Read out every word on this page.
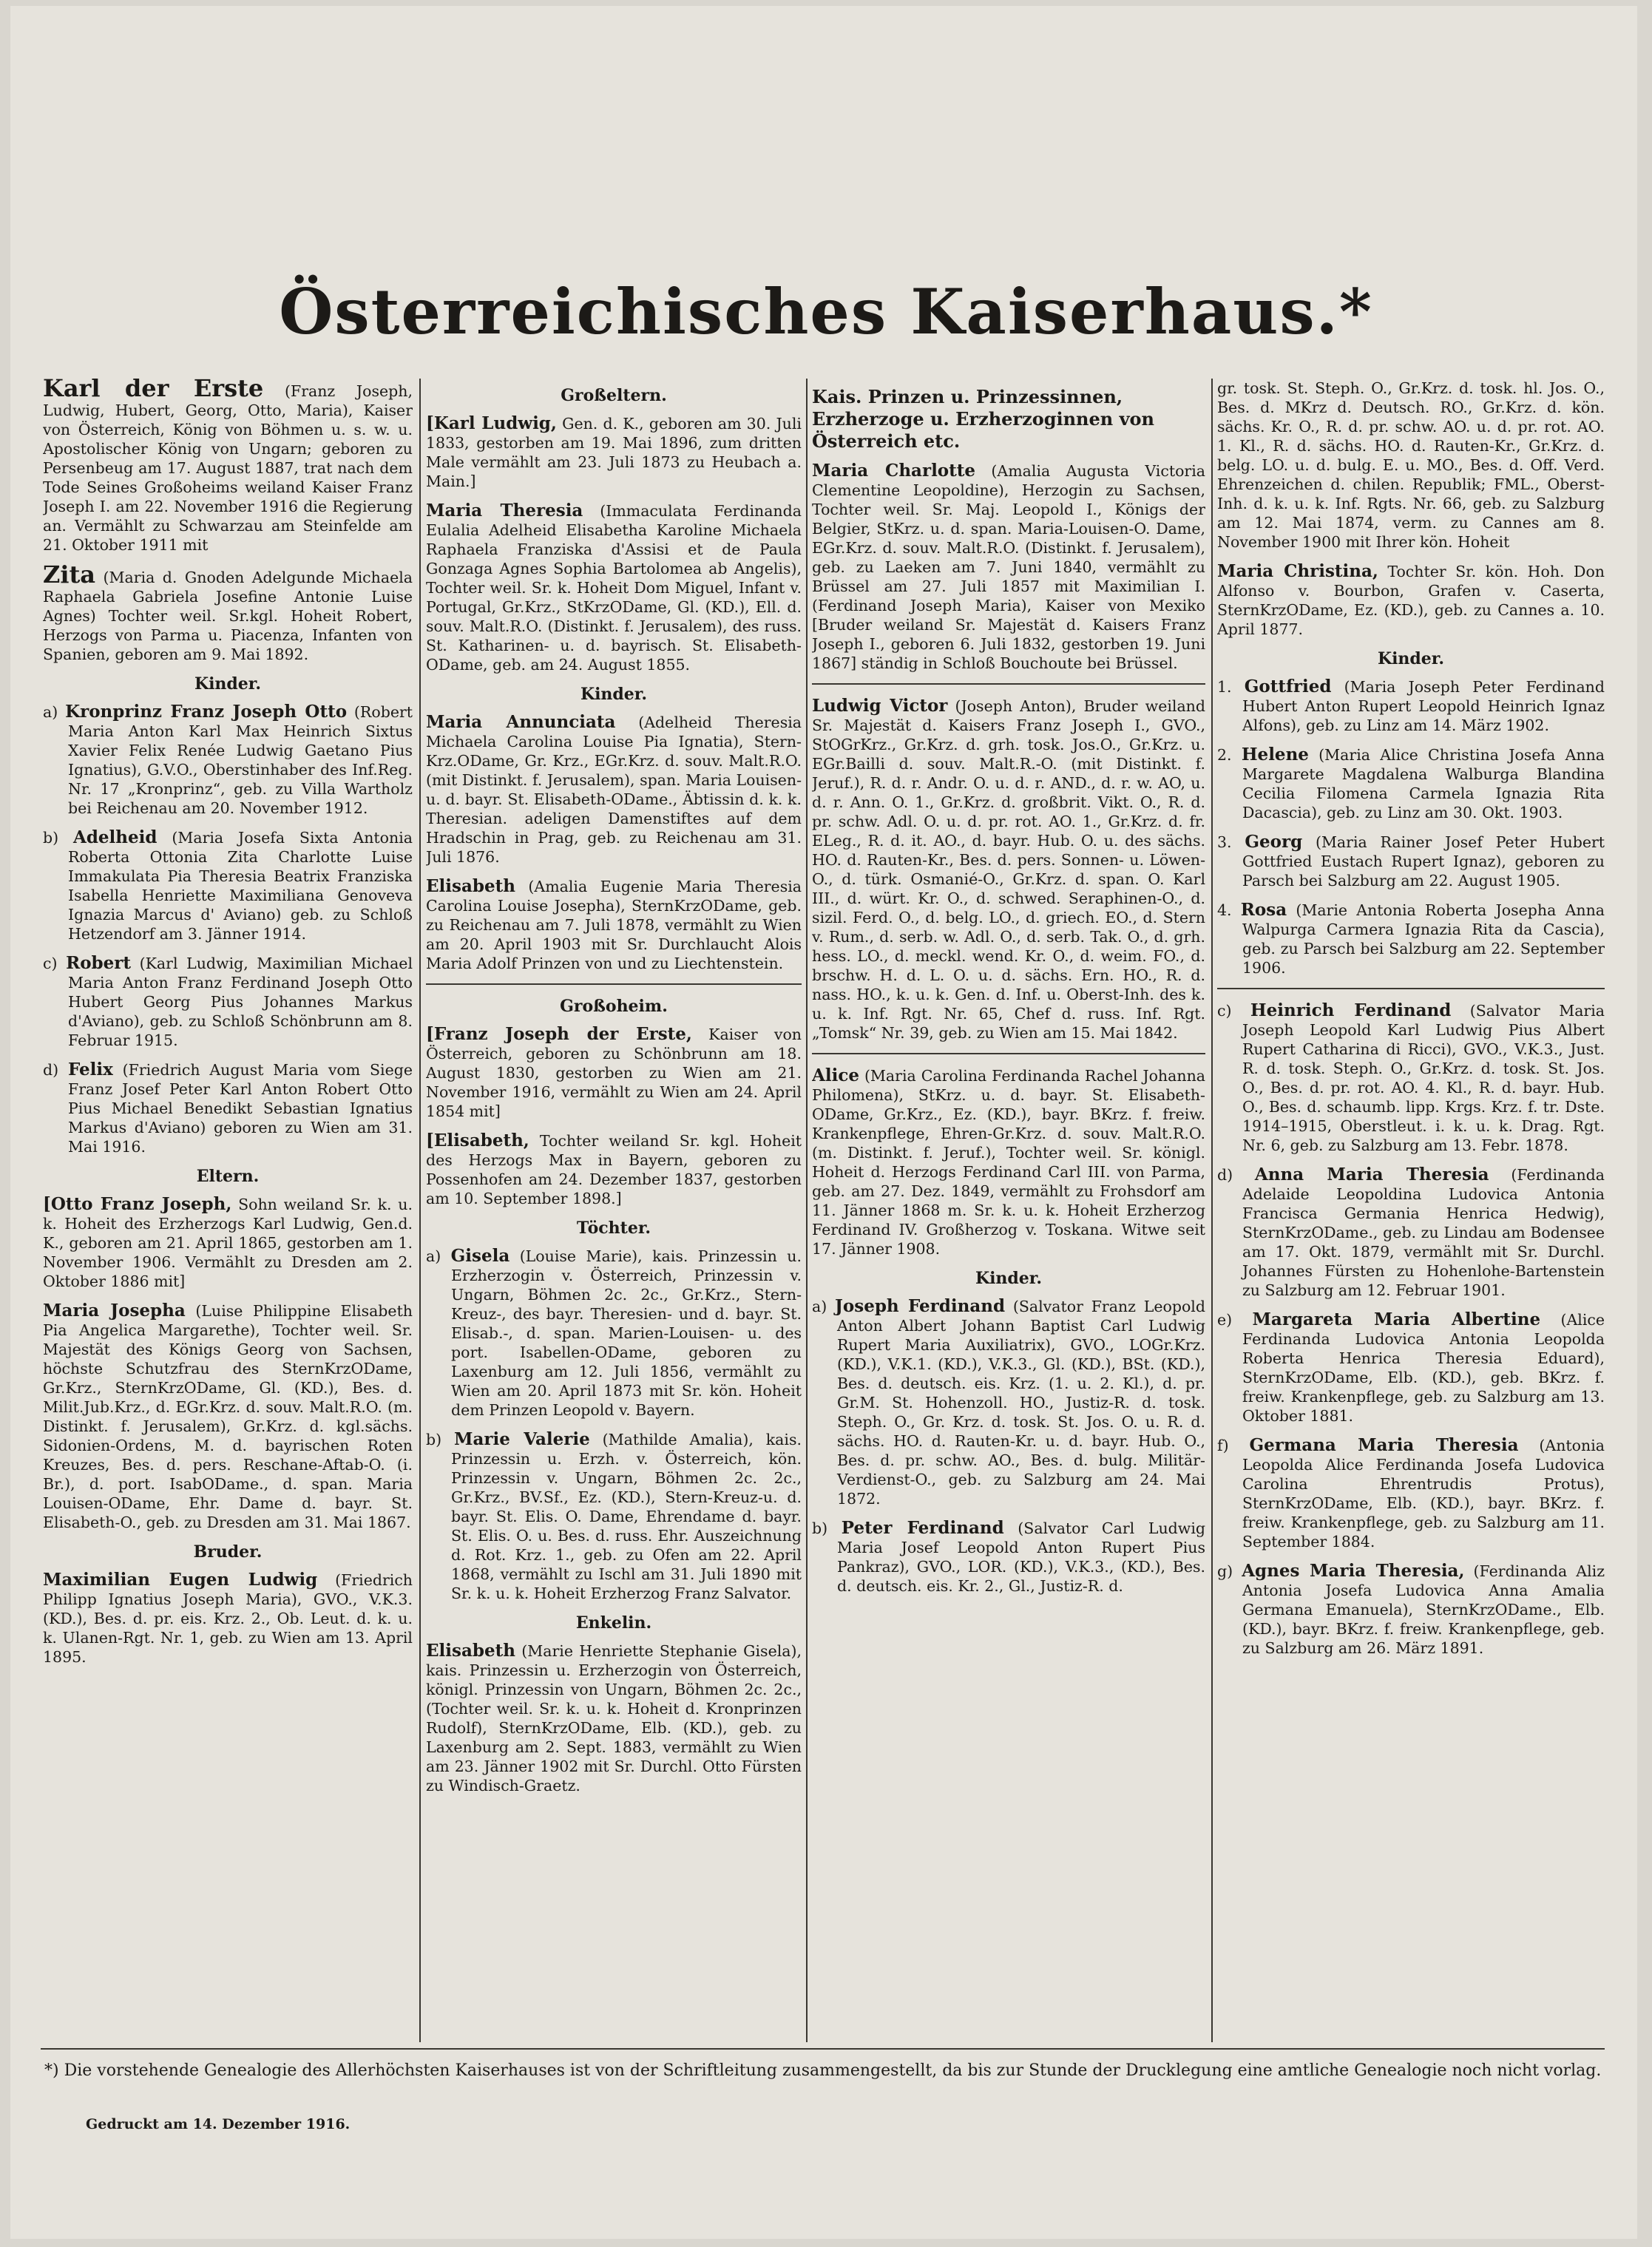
Österreichisches Kaiserhaus.*

Karl der Erste (Franz Joseph, Ludwig, Hubert, Georg, Otto, Maria), Kaiser von Österreich, König von Böhmen u. s. w. u. Apostolischer König von Ungarn; geboren zu Persenbeug am 17. August 1887, trat nach dem Tode Seines Großoheims weiland Kaiser Franz Joseph I. am 22. November 1916 die Regierung an. Vermählt zu Schwarzau am Steinfelde am 21. Oktober 1911 mit

Zita (Maria d. Gnoden Adelgunde Michaela Raphaela Gabriela Josefine Antonie Luise Agnes) Tochter weil. Sr.kgl. Hoheit Robert, Herzogs von Parma u. Piacenza, Infanten von Spanien, geboren am 9. Mai 1892.

Kinder.

a) Kronprinz Franz Joseph Otto (Robert Maria Anton Karl Max Heinrich Sixtus Xavier Felix Renée Ludwig Gaetano Pius Ignatius), G.V.O., Oberstinhaber des Inf.Reg. Nr. 17 „Kronprinz“, geb. zu Villa Wartholz bei Reichenau am 20. November 1912.

b) Adelheid (Maria Josefa Sixta Antonia Roberta Ottonia Zita Charlotte Luise Immakulata Pia Theresia Beatrix Franziska Isabella Henriette Maximiliana Genoveva Ignazia Marcus d' Aviano) geb. zu Schloß Hetzendorf am 3. Jänner 1914.

c) Robert (Karl Ludwig, Maximilian Michael Maria Anton Franz Ferdinand Joseph Otto Hubert Georg Pius Johannes Markus d'Aviano), geb. zu Schloß Schönbrunn am 8. Februar 1915.

d) Felix (Friedrich August Maria vom Siege Franz Josef Peter Karl Anton Robert Otto Pius Michael Benedikt Sebastian Ignatius Markus d'Aviano) geboren zu Wien am 31. Mai 1916.

Eltern.

[Otto Franz Joseph, Sohn weiland Sr. k. u. k. Hoheit des Erzherzogs Karl Ludwig, Gen.d. K., geboren am 21. April 1865, gestorben am 1. November 1906. Vermählt zu Dresden am 2. Oktober 1886 mit]

Maria Josepha (Luise Philippine Elisabeth Pia Angelica Margarethe), Tochter weil. Sr. Majestät des Königs Georg von Sachsen, höchste Schutzfrau des SternKrzODame, Gr.Krz., SternKrzODame, Gl. (KD.), Bes. d. Milit.Jub.Krz., d. EGr.Krz. d. souv. Malt.R.O. (m. Distinkt. f. Jerusalem), Gr.Krz. d. kgl.sächs. Sidonien-Ordens, M. d. bayrischen Roten Kreuzes, Bes. d. pers. Reschane-Aftab-O. (i. Br.), d. port. IsabODame., d. span. Maria Louisen-ODame, Ehr. Dame d. bayr. St. Elisabeth-O., geb. zu Dresden am 31. Mai 1867.

Bruder.

Maximilian Eugen Ludwig (Friedrich Philipp Ignatius Joseph Maria), GVO., V.K.3. (KD.), Bes. d. pr. eis. Krz. 2., Ob. Leut. d. k. u. k. Ulanen-Rgt. Nr. 1, geb. zu Wien am 13. April 1895.

Großeltern.

[Karl Ludwig, Gen. d. K., geboren am 30. Juli 1833, gestorben am 19. Mai 1896, zum dritten Male vermählt am 23. Juli 1873 zu Heubach a. Main.]

Maria Theresia (Immaculata Ferdinanda Eulalia Adelheid Elisabetha Karoline Michaela Raphaela Franziska d'Assisi et de Paula Gonzaga Agnes Sophia Bartolomea ab Angelis), Tochter weil. Sr. k. Hoheit Dom Miguel, Infant v. Portugal, Gr.Krz., StKrzODame, Gl. (KD.), Ell. d. souv. Malt.R.O. (Distinkt. f. Jerusalem), des russ. St. Katharinen- u. d. bayrisch. St. Elisabeth-ODame, geb. am 24. August 1855.

Kinder.

Maria Annunciata (Adelheid Theresia Michaela Carolina Louise Pia Ignatia), Stern-Krz.ODame, Gr. Krz., EGr.Krz. d. souv. Malt.R.O. (mit Distinkt. f. Jerusalem), span. Maria Louisen- u. d. bayr. St. Elisabeth-ODame., Äbtissin d. k. k. Theresian. adeligen Damenstiftes auf dem Hradschin in Prag, geb. zu Reichenau am 31. Juli 1876.

Elisabeth (Amalia Eugenie Maria Theresia Carolina Louise Josepha), SternKrzODame, geb. zu Reichenau am 7. Juli 1878, vermählt zu Wien am 20. April 1903 mit Sr. Durchlaucht Alois Maria Adolf Prinzen von und zu Liechtenstein.

Großoheim.

[Franz Joseph der Erste, Kaiser von Österreich, geboren zu Schönbrunn am 18. August 1830, gestorben zu Wien am 21. November 1916, vermählt zu Wien am 24. April 1854 mit]

[Elisabeth, Tochter weiland Sr. kgl. Hoheit des Herzogs Max in Bayern, geboren zu Possenhofen am 24. Dezember 1837, gestorben am 10. September 1898.]

Töchter.

a) Gisela (Louise Marie), kais. Prinzessin u. Erzherzogin v. Österreich, Prinzessin v. Ungarn, Böhmen 2c. 2c., Gr.Krz., Stern-Kreuz-, des bayr. Theresien- und d. bayr. St. Elisab.-, d. span. Marien-Louisen- u. des port. Isabellen-ODame, geboren zu Laxenburg am 12. Juli 1856, vermählt zu Wien am 20. April 1873 mit Sr. kön. Hoheit dem Prinzen Leopold v. Bayern.

b) Marie Valerie (Mathilde Amalia), kais. Prinzessin u. Erzh. v. Österreich, kön. Prinzessin v. Ungarn, Böhmen 2c. 2c., Gr.Krz., BV.Sf., Ez. (KD.), Stern-Kreuz-u. d. bayr. St. Elis. O. Dame, Ehrendame d. bayr. St. Elis. O. u. Bes. d. russ. Ehr. Auszeichnung d. Rot. Krz. 1., geb. zu Ofen am 22. April 1868, vermählt zu Ischl am 31. Juli 1890 mit Sr. k. u. k. Hoheit Erzherzog Franz Salvator.

Enkelin.

Elisabeth (Marie Henriette Stephanie Gisela), kais. Prinzessin u. Erzherzogin von Österreich, königl. Prinzessin von Ungarn, Böhmen 2c. 2c., (Tochter weil. Sr. k. u. k. Hoheit d. Kronprinzen Rudolf), SternKrzODame, Elb. (KD.), geb. zu Laxenburg am 2. Sept. 1883, vermählt zu Wien am 23. Jänner 1902 mit Sr. Durchl. Otto Fürsten zu Windisch-Graetz.

Kais. Prinzen u. Prinzessinnen, Erzherzoge u. Erzherzoginnen von Österreich etc.

Maria Charlotte (Amalia Augusta Victoria Clementine Leopoldine), Herzogin zu Sachsen, Tochter weil. Sr. Maj. Leopold I., Königs der Belgier, StKrz. u. d. span. Maria-Louisen-O. Dame, EGr.Krz. d. souv. Malt.R.O. (Distinkt. f. Jerusalem), geb. zu Laeken am 7. Juni 1840, vermählt zu Brüssel am 27. Juli 1857 mit Maximilian I. (Ferdinand Joseph Maria), Kaiser von Mexiko [Bruder weiland Sr. Majestät d. Kaisers Franz Joseph I., geboren 6. Juli 1832, gestorben 19. Juni 1867] ständig in Schloß Bouchoute bei Brüssel.

Ludwig Victor (Joseph Anton), Bruder weiland Sr. Majestät d. Kaisers Franz Joseph I., GVO., StOGrKrz., Gr.Krz. d. grh. tosk. Jos.O., Gr.Krz. u. EGr.Bailli d. souv. Malt.R.-O. (mit Distinkt. f. Jeruf.), R. d. r. Andr. O. u. d. r. AND., d. r. w. AO, u. d. r. Ann. O. 1., Gr.Krz. d. großbrit. Vikt. O., R. d. pr. schw. Adl. O. u. d. pr. rot. AO. 1., Gr.Krz. d. fr. ELeg., R. d. it. AO., d. bayr. Hub. O. u. des sächs. HO. d. Rauten-Kr., Bes. d. pers. Sonnen- u. Löwen-O., d. türk. Osmanié-O., Gr.Krz. d. span. O. Karl III., d. würt. Kr. O., d. schwed. Seraphinen-O., d. sizil. Ferd. O., d. belg. LO., d. griech. EO., d. Stern v. Rum., d. serb. w. Adl. O., d. serb. Tak. O., d. grh. hess. LO., d. meckl. wend. Kr. O., d. weim. FO., d. brschw. H. d. L. O. u. d. sächs. Ern. HO., R. d. nass. HO., k. u. k. Gen. d. Inf. u. Oberst-Inh. des k. u. k. Inf. Rgt. Nr. 65, Chef d. russ. Inf. Rgt. „Tomsk“ Nr. 39, geb. zu Wien am 15. Mai 1842.

Alice (Maria Carolina Ferdinanda Rachel Johanna Philomena), StKrz. u. d. bayr. St. Elisabeth-ODame, Gr.Krz., Ez. (KD.), bayr. BKrz. f. freiw. Krankenpflege, Ehren-Gr.Krz. d. souv. Malt.R.O. (m. Distinkt. f. Jeruf.), Tochter weil. Sr. königl. Hoheit d. Herzogs Ferdinand Carl III. von Parma, geb. am 27. Dez. 1849, vermählt zu Frohsdorf am 11. Jänner 1868 m. Sr. k. u. k. Hoheit Erzherzog Ferdinand IV. Großherzog v. Toskana. Witwe seit 17. Jänner 1908.

Kinder.

a) Joseph Ferdinand (Salvator Franz Leopold Anton Albert Johann Baptist Carl Ludwig Rupert Maria Auxiliatrix), GVO., LOGr.Krz. (KD.), V.K.1. (KD.), V.K.3., Gl. (KD.), BSt. (KD.), Bes. d. deutsch. eis. Krz. (1. u. 2. Kl.), d. pr. Gr.M. St. Hohenzoll. HO., Justiz-R. d. tosk. Steph. O., Gr. Krz. d. tosk. St. Jos. O. u. R. d. sächs. HO. d. Rauten-Kr. u. d. bayr. Hub. O., Bes. d. pr. schw. AO., Bes. d. bulg. Militär-Verdienst-O., geb. zu Salzburg am 24. Mai 1872.

b) Peter Ferdinand (Salvator Carl Ludwig Maria Josef Leopold Anton Rupert Pius Pankraz), GVO., LOR. (KD.), V.K.3., (KD.), Bes. d. deutsch. eis. Kr. 2., Gl., Justiz-R. d.

gr. tosk. St. Steph. O., Gr.Krz. d. tosk. hl. Jos. O., Bes. d. MKrz d. Deutsch. RO., Gr.Krz. d. kön. sächs. Kr. O., R. d. pr. schw. AO. u. d. pr. rot. AO. 1. Kl., R. d. sächs. HO. d. Rauten-Kr., Gr.Krz. d. belg. LO. u. d. bulg. E. u. MO., Bes. d. Off. Verd. Ehrenzeichen d. chilen. Republik; FML., Oberst-Inh. d. k. u. k. Inf. Rgts. Nr. 66, geb. zu Salzburg am 12. Mai 1874, verm. zu Cannes am 8. November 1900 mit Ihrer kön. Hoheit

Maria Christina, Tochter Sr. kön. Hoh. Don Alfonso v. Bourbon, Grafen v. Caserta, SternKrzODame, Ez. (KD.), geb. zu Cannes a. 10. April 1877.

Kinder.

1. Gottfried (Maria Joseph Peter Ferdinand Hubert Anton Rupert Leopold Heinrich Ignaz Alfons), geb. zu Linz am 14. März 1902.

2. Helene (Maria Alice Christina Josefa Anna Margarete Magdalena Walburga Blandina Cecilia Filomena Carmela Ignazia Rita Dacascia), geb. zu Linz am 30. Okt. 1903.

3. Georg (Maria Rainer Josef Peter Hubert Gottfried Eustach Rupert Ignaz), geboren zu Parsch bei Salzburg am 22. August 1905.

4. Rosa (Marie Antonia Roberta Josepha Anna Walpurga Carmera Ignazia Rita da Cascia), geb. zu Parsch bei Salzburg am 22. September 1906.

c) Heinrich Ferdinand (Salvator Maria Joseph Leopold Karl Ludwig Pius Albert Rupert Catharina di Ricci), GVO., V.K.3., Just. R. d. tosk. Steph. O., Gr.Krz. d. tosk. St. Jos. O., Bes. d. pr. rot. AO. 4. Kl., R. d. bayr. Hub. O., Bes. d. schaumb. lipp. Krgs. Krz. f. tr. Dste. 1914–1915, Oberstleut. i. k. u. k. Drag. Rgt. Nr. 6, geb. zu Salzburg am 13. Febr. 1878.

d) Anna Maria Theresia (Ferdinanda Adelaide Leopoldina Ludovica Antonia Francisca Germania Henrica Hedwig), SternKrzODame., geb. zu Lindau am Bodensee am 17. Okt. 1879, vermählt mit Sr. Durchl. Johannes Fürsten zu Hohenlohe-Bartenstein zu Salzburg am 12. Februar 1901.

e) Margareta Maria Albertine (Alice Ferdinanda Ludovica Antonia Leopolda Roberta Henrica Theresia Eduard), SternKrzODame, Elb. (KD.), geb. BKrz. f. freiw. Krankenpflege, geb. zu Salzburg am 13. Oktober 1881.

f) Germana Maria Theresia (Antonia Leopolda Alice Ferdinanda Josefa Ludovica Carolina Ehrentrudis Protus), SternKrzODame, Elb. (KD.), bayr. BKrz. f. freiw. Krankenpflege, geb. zu Salzburg am 11. September 1884.

g) Agnes Maria Theresia, (Ferdinanda Aliz Antonia Josefa Ludovica Anna Amalia Germana Emanuela), SternKrzODame., Elb. (KD.), bayr. BKrz. f. freiw. Krankenpflege, geb. zu Salzburg am 26. März 1891.

*) Die vorstehende Genealogie des Allerhöchsten Kaiserhauses ist von der Schriftleitung zusammengestellt, da bis zur Stunde der Drucklegung eine amtliche Genealogie noch nicht vorlag.
Gedruckt am 14. Dezember 1916.
